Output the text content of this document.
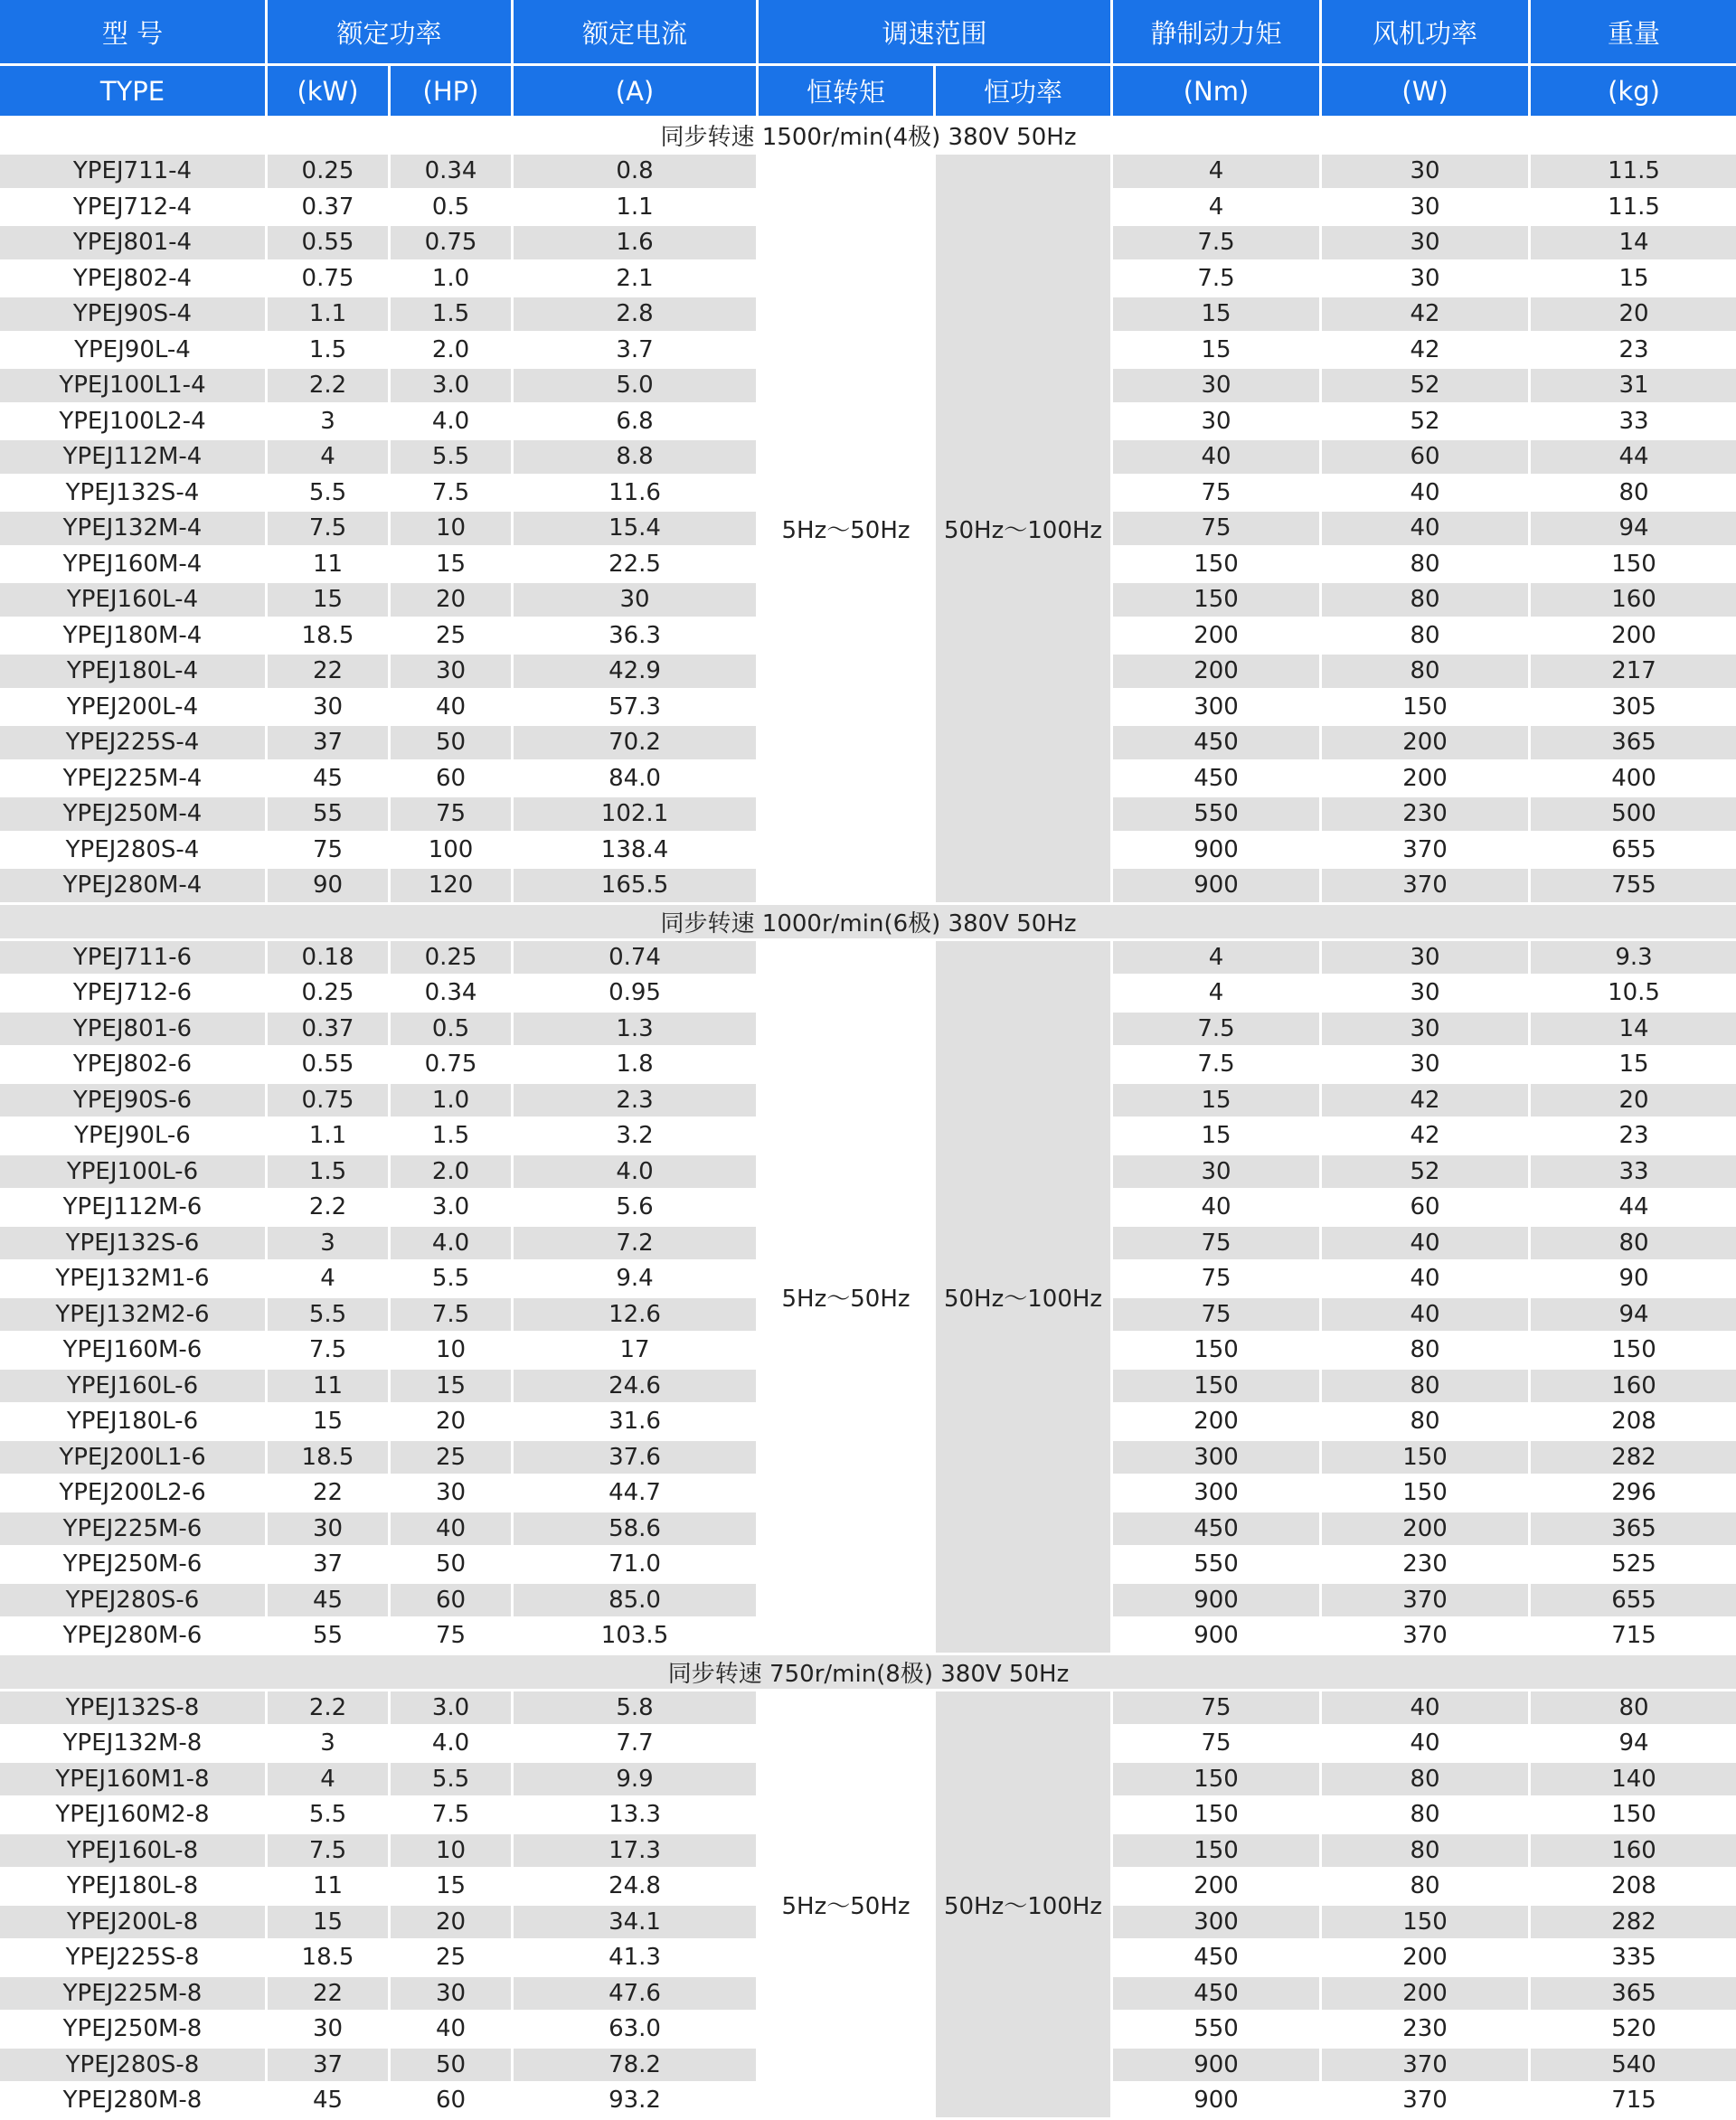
型 号	额定功率		额定电流	调速范围		静制动力矩	风机功率	重量
TYPE	(kW)	(HP)	(A)	恒转矩	恒功率	(Nm)	(W)	(kg)
同步转速 1500r/min(4极) 380V 50Hz								
YPEJ711-4	0.25	0.34	0.8	5Hz～50Hz	50Hz～100Hz	4	30	11.5
YPEJ712-4	0.37	0.5	1.1			4	30	11.5
YPEJ801-4	0.55	0.75	1.6			7.5	30	14
YPEJ802-4	0.75	1.0	2.1			7.5	30	15
YPEJ90S-4	1.1	1.5	2.8			15	42	20
YPEJ90L-4	1.5	2.0	3.7			15	42	23
YPEJ100L1-4	2.2	3.0	5.0			30	52	31
YPEJ100L2-4	3	4.0	6.8			30	52	33
YPEJ112M-4	4	5.5	8.8			40	60	44
YPEJ132S-4	5.5	7.5	11.6			75	40	80
YPEJ132M-4	7.5	10	15.4			75	40	94
YPEJ160M-4	11	15	22.5			150	80	150
YPEJ160L-4	15	20	30			150	80	160
YPEJ180M-4	18.5	25	36.3			200	80	200
YPEJ180L-4	22	30	42.9			200	80	217
YPEJ200L-4	30	40	57.3			300	150	305
YPEJ225S-4	37	50	70.2			450	200	365
YPEJ225M-4	45	60	84.0			450	200	400
YPEJ250M-4	55	75	102.1			550	230	500
YPEJ280S-4	75	100	138.4			900	370	655
YPEJ280M-4	90	120	165.5			900	370	755
同步转速 1000r/min(6极) 380V 50Hz								
YPEJ711-6	0.18	0.25	0.74	5Hz～50Hz	50Hz～100Hz	4	30	9.3
YPEJ712-6	0.25	0.34	0.95			4	30	10.5
YPEJ801-6	0.37	0.5	1.3			7.5	30	14
YPEJ802-6	0.55	0.75	1.8			7.5	30	15
YPEJ90S-6	0.75	1.0	2.3			15	42	20
YPEJ90L-6	1.1	1.5	3.2			15	42	23
YPEJ100L-6	1.5	2.0	4.0			30	52	33
YPEJ112M-6	2.2	3.0	5.6			40	60	44
YPEJ132S-6	3	4.0	7.2			75	40	80
YPEJ132M1-6	4	5.5	9.4			75	40	90
YPEJ132M2-6	5.5	7.5	12.6			75	40	94
YPEJ160M-6	7.5	10	17			150	80	150
YPEJ160L-6	11	15	24.6			150	80	160
YPEJ180L-6	15	20	31.6			200	80	208
YPEJ200L1-6	18.5	25	37.6			300	150	282
YPEJ200L2-6	22	30	44.7			300	150	296
YPEJ225M-6	30	40	58.6			450	200	365
YPEJ250M-6	37	50	71.0			550	230	525
YPEJ280S-6	45	60	85.0			900	370	655
YPEJ280M-6	55	75	103.5			900	370	715
同步转速 750r/min(8极) 380V 50Hz								
YPEJ132S-8	2.2	3.0	5.8	5Hz～50Hz	50Hz～100Hz	75	40	80
YPEJ132M-8	3	4.0	7.7			75	40	94
YPEJ160M1-8	4	5.5	9.9			150	80	140
YPEJ160M2-8	5.5	7.5	13.3			150	80	150
YPEJ160L-8	7.5	10	17.3			150	80	160
YPEJ180L-8	11	15	24.8			200	80	208
YPEJ200L-8	15	20	34.1			300	150	282
YPEJ225S-8	18.5	25	41.3			450	200	335
YPEJ225M-8	22	30	47.6			450	200	365
YPEJ250M-8	30	40	63.0			550	230	520
YPEJ280S-8	37	50	78.2			900	370	540
YPEJ280M-8	45	60	93.2			900	370	715
